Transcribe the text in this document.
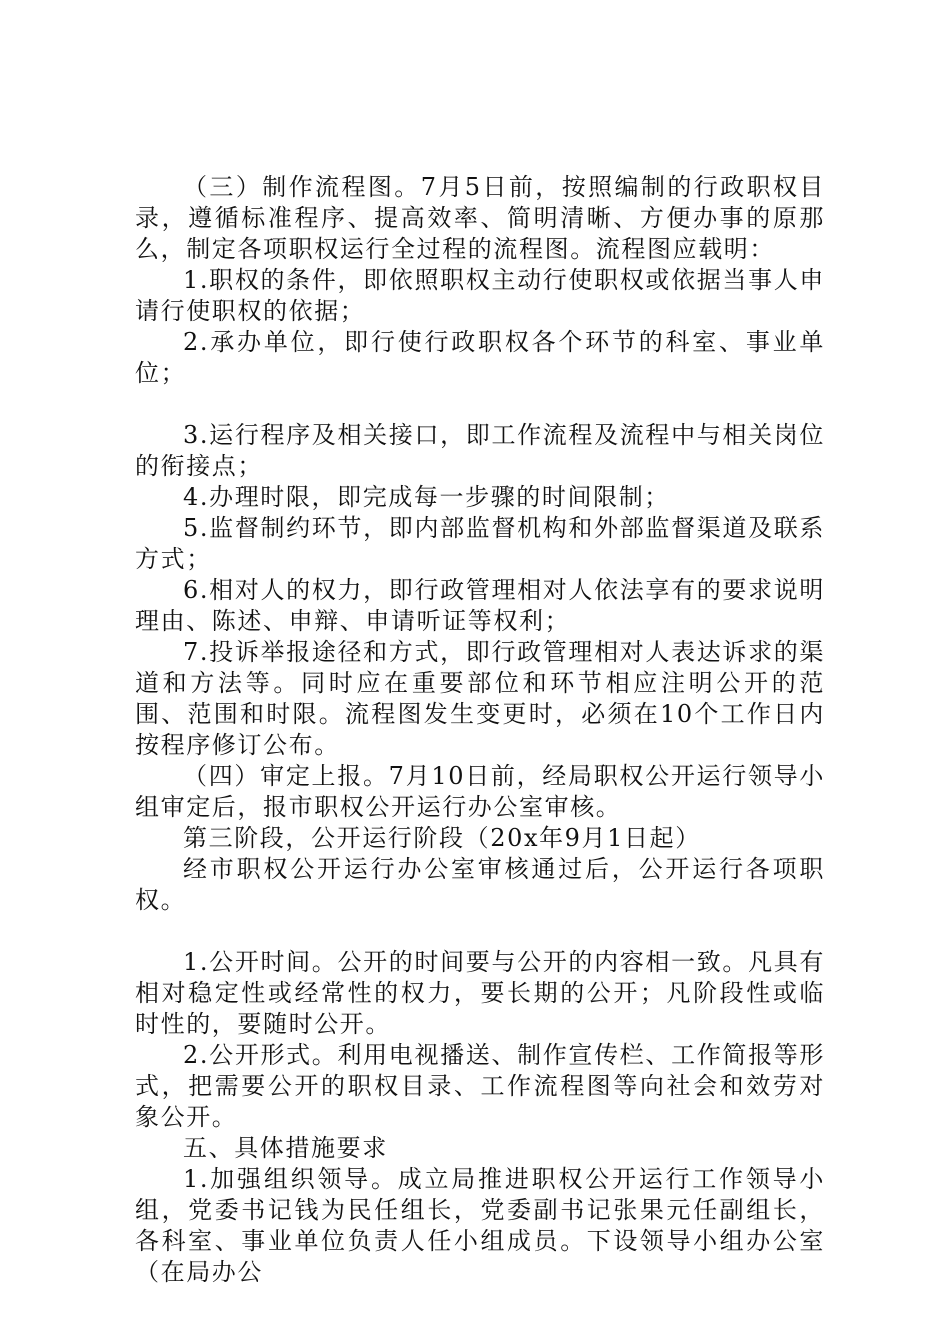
（三）制作流程图。7月5日前，按照编制的行政职权目录，遵循标准程序、提高效率、简明清晰、方便办事的原那么，制定各项职权运行全过程的流程图。流程图应载明：

1.职权的条件，即依照职权主动行使职权或依据当事人申请行使职权的依据；

2.承办单位，即行使行政职权各个环节的科室、事业单位；

3.运行程序及相关接口，即工作流程及流程中与相关岗位的衔接点；

4.办理时限，即完成每一步骤的时间限制；

5.监督制约环节，即内部监督机构和外部监督渠道及联系方式；

6.相对人的权力，即行政管理相对人依法享有的要求说明理由、陈述、申辩、申请听证等权利；

7.投诉举报途径和方式，即行政管理相对人表达诉求的渠道和方法等。同时应在重要部位和环节相应注明公开的范围、范围和时限。流程图发生变更时，必须在10个工作日内按程序修订公布。

（四）审定上报。7月10日前，经局职权公开运行领导小组审定后，报市职权公开运行办公室审核。

第三阶段，公开运行阶段（20x年9月1日起）

经市职权公开运行办公室审核通过后，公开运行各项职权。

1.公开时间。公开的时间要与公开的内容相一致。凡具有相对稳定性或经常性的权力，要长期的公开；凡阶段性或临时性的，要随时公开。

2.公开形式。利用电视播送、制作宣传栏、工作简报等形式，把需要公开的职权目录、工作流程图等向社会和效劳对象公开。

五、具体措施要求

1.加强组织领导。成立局推进职权公开运行工作领导小组，党委书记钱为民任组长，党委副书记张果元任副组长，各科室、事业单位负责人任小组成员。下设领导小组办公室（在局办公
